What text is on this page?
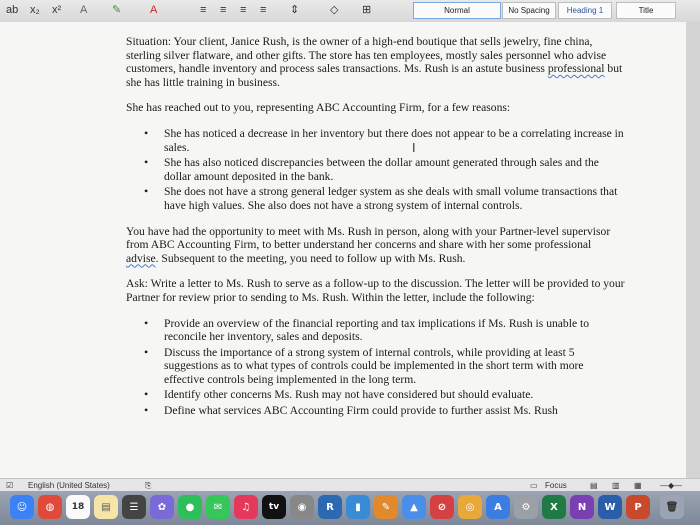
ab x₂ x² A ✎	A	≡ ≡ ≡ ≡ ⇕	◇ ⊞	Normal	No Spacing Heading 1	Title

Situation: Your client, Janice Rush, is the owner of a high-end boutique that sells jewelry, fine china, sterling silver flatware, and other gifts. The store has ten employees, mostly sales personnel who advise customers, handle inventory and process sales transactions. Ms. Rush is an astute business professional but she has little training in business.

She has reached out to you, representing ABC Accounting Firm, for a few reasons:

• She has noticed a decrease in her inventory but there does not appear to be a correlating increase in sales.
• She has also noticed discrepancies between the dollar amount generated through sales and the dollar amount deposited in the bank.
• She does not have a strong general ledger system as she deals with small volume transactions that have high values. She also does not have a strong system of internal controls.

You have had the opportunity to meet with Ms. Rush in person, along with your Partner-level supervisor from ABC Accounting Firm, to better understand her concerns and share with her some professional advise. Subsequent to the meeting, you need to follow up with Ms. Rush.

Ask: Write a letter to Ms. Rush to serve as a follow-up to the discussion. The letter will be provided to your Partner for review prior to sending to Ms. Rush. Within the letter, include the following:

• Provide an overview of the financial reporting and tax implications if Ms. Rush is unable to reconcile her inventory, sales and deposits.
• Discuss the importance of a strong system of internal controls, while providing at least 5 suggestions as to what types of controls could be implemented in the short term with more effective controls being implemented in the long term.
• Identify other concerns Ms. Rush may not have considered but should evaluate.
• Define what services ABC Accounting Firm could provide to further assist Ms. Rush
I
☑ English (United States)	⎘	▭ Focus	▤ ▥ ▦ —◆—
☺	◍	18	▤	☰	✿	●	✉	♫	tv	◉	R	▮	✎	▲	⊘	◎	A	⚙	X N W P	🗑
